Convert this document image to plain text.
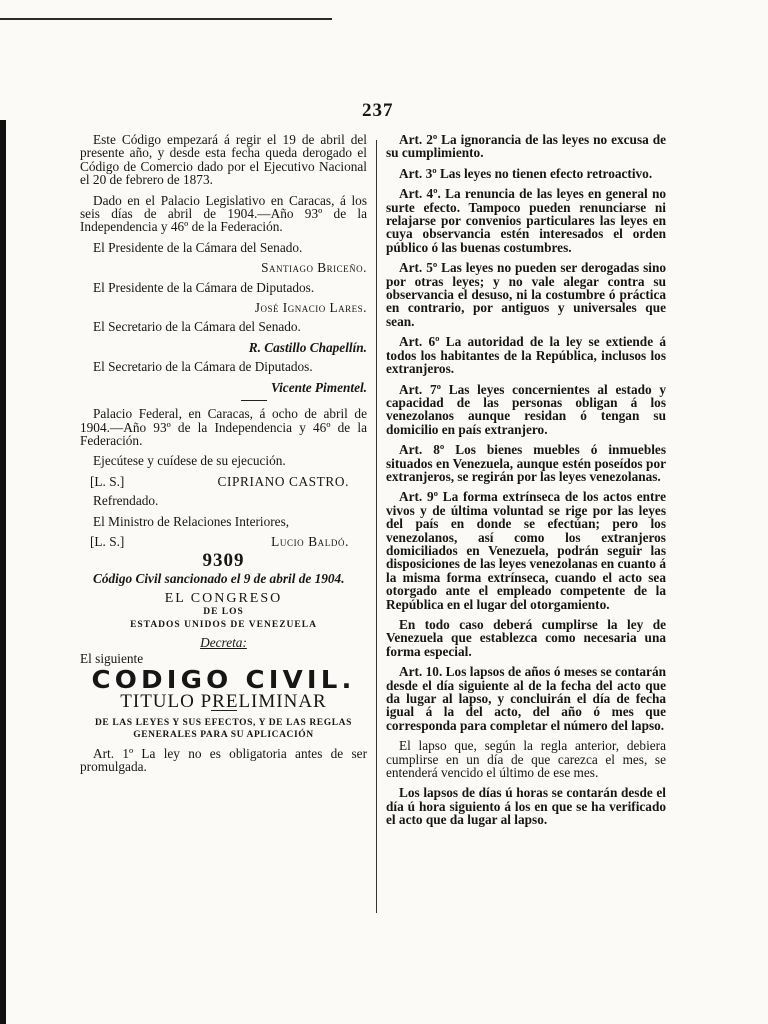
237

Este Código empezará á regir el 19 de abril del presente año, y desde esta fecha queda derogado el Código de Comercio dado por el Ejecutivo Nacional el 20 de febrero de 1873.

Dado en el Palacio Legislativo en Caracas, á los seis días de abril de 1904.—Año 93º de la Independencia y 46º de la Federación.

El Presidente de la Cámara del Senado.

Santiago Briceño.

El Presidente de la Cámara de Diputados.

José Ignacio Lares.

El Secretario de la Cámara del Senado.

R. Castillo Chapellín.

El Secretario de la Cámara de Diputados.

Vicente Pimentel.

Palacio Federal, en Caracas, á ocho de abril de 1904.—Año 93º de la Independencia y 46º de la Federación.

Ejecútese y cuídese de su ejecución.

[L. S.]	CIPRIANO CASTRO.

Refrendado.

El Ministro de Relaciones Interiores,

[L. S.]	Lucio Baldó.
9309

Código Civil sancionado el 9 de abril de 1904.

EL CONGRESO
DE LOS
ESTADOS UNIDOS DE VENEZUELA
Decreta:
El siguiente
CODIGO CIVIL.
TITULO PRELIMINAR
DE LAS LEYES Y SUS EFECTOS, Y DE LAS REGLAS GENERALES PARA SU APLICACIÓN

Art. 1º La ley no es obligatoria antes de ser promulgada.

Art. 2º La ignorancia de las leyes no excusa de su cumplimiento.

Art. 3º Las leyes no tienen efecto retroactivo.

Art. 4º. La renuncia de las leyes en general no surte efecto. Tampoco pueden renunciarse ni relajarse por convenios particulares las leyes en cuya observancia estén interesados el orden público ó las buenas costumbres.

Art. 5º Las leyes no pueden ser derogadas sino por otras leyes; y no vale alegar contra su observancia el desuso, ni la costumbre ó práctica en contrario, por antiguos y universales que sean.

Art. 6º La autoridad de la ley se extiende á todos los habitantes de la República, inclusos los extranjeros.

Art. 7º Las leyes concernientes al estado y capacidad de las personas obligan á los venezolanos aunque residan ó tengan su domicilio en país extranjero.

Art. 8º Los bienes muebles ó inmuebles situados en Venezuela, aunque estén poseídos por extranjeros, se regirán por las leyes venezolanas.

Art. 9º La forma extrínseca de los actos entre vivos y de última voluntad se rige por las leyes del país en donde se efectúan; pero los venezolanos, así como los extranjeros domiciliados en Venezuela, podrán seguir las disposiciones de las leyes venezolanas en cuanto á la misma forma extrínseca, cuando el acto sea otorgado ante el empleado competente de la República en el lugar del otorgamiento.

En todo caso deberá cumplirse la ley de Venezuela que establezca como necesaria una forma especial.

Art. 10. Los lapsos de años ó meses se contarán desde el día siguiente al de la fecha del acto que da lugar al lapso, y concluirán el día de fecha igual á la del acto, del año ó mes que corresponda para completar el número del lapso.

El lapso que, según la regla anterior, debiera cumplirse en un día de que carezca el mes, se entenderá vencido el último de ese mes.

Los lapsos de días ú horas se contarán desde el día ú hora siguiento á los en que se ha verificado el acto que da lugar al lapso.
